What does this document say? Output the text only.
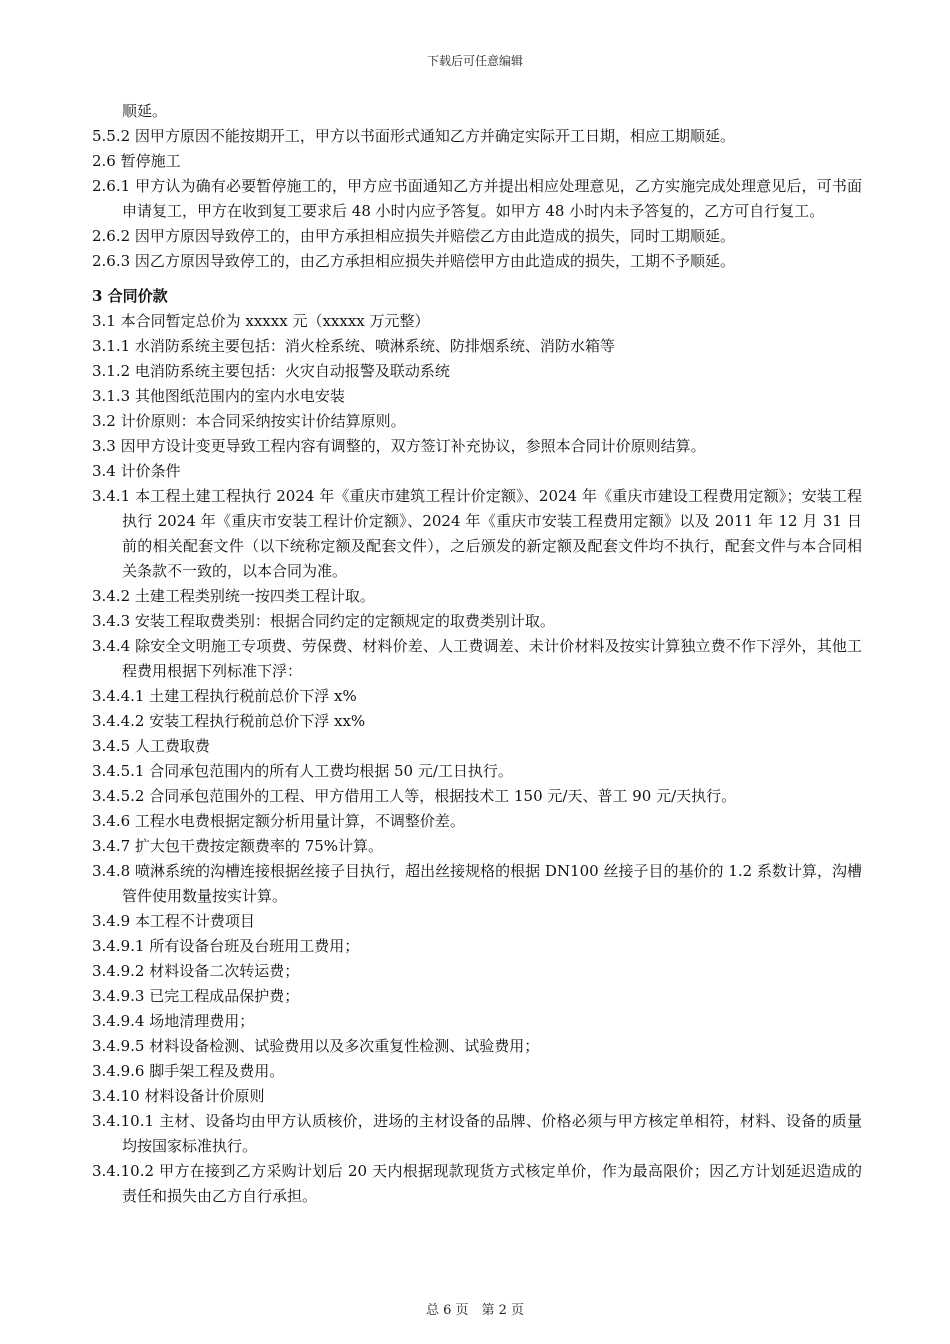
下载后可任意编辑

顺延。

5.5.2 因甲方原因不能按期开工，甲方以书面形式通知乙方并确定实际开工日期，相应工期顺延。

2.6 暂停施工

2.6.1 甲方认为确有必要暂停施工的，甲方应书面通知乙方并提出相应处理意见，乙方实施完成处理意见后，可书面申请复工，甲方在收到复工要求后 48 小时内应予答复。如甲方 48 小时内未予答复的，乙方可自行复工。

2.6.2 因甲方原因导致停工的，由甲方承担相应损失并赔偿乙方由此造成的损失，同时工期顺延。

2.6.3 因乙方原因导致停工的，由乙方承担相应损失并赔偿甲方由此造成的损失，工期不予顺延。

3 合同价款

3.1 本合同暂定总价为 xxxxx 元（xxxxx 万元整）

3.1.1 水消防系统主要包括：消火栓系统、喷淋系统、防排烟系统、消防水箱等

3.1.2 电消防系统主要包括：火灾自动报警及联动系统

3.1.3 其他图纸范围内的室内水电安装

3.2 计价原则：本合同采纳按实计价结算原则。

3.3 因甲方设计变更导致工程内容有调整的，双方签订补充协议，参照本合同计价原则结算。

3.4 计价条件

3.4.1 本工程土建工程执行 2024 年《重庆市建筑工程计价定额》、2024 年《重庆市建设工程费用定额》；安装工程执行 2024 年《重庆市安装工程计价定额》、2024 年《重庆市安装工程费用定额》以及 2011 年 12 月 31 日前的相关配套文件（以下统称定额及配套文件），之后颁发的新定额及配套文件均不执行，配套文件与本合同相关条款不一致的，以本合同为准。

3.4.2 土建工程类别统一按四类工程计取。

3.4.3 安装工程取费类别：根据合同约定的定额规定的取费类别计取。

3.4.4 除安全文明施工专项费、劳保费、材料价差、人工费调差、未计价材料及按实计算独立费不作下浮外，其他工程费用根据下列标准下浮：

3.4.4.1 土建工程执行税前总价下浮 x%

3.4.4.2 安装工程执行税前总价下浮 xx%

3.4.5 人工费取费

3.4.5.1 合同承包范围内的所有人工费均根据 50 元/工日执行。

3.4.5.2 合同承包范围外的工程、甲方借用工人等，根据技术工 150 元/天、普工 90 元/天执行。

3.4.6 工程水电费根据定额分析用量计算，不调整价差。

3.4.7 扩大包干费按定额费率的 75%计算。

3.4.8 喷淋系统的沟槽连接根据丝接子目执行，超出丝接规格的根据 DN100 丝接子目的基价的 1.2 系数计算，沟槽管件使用数量按实计算。

3.4.9 本工程不计费项目

3.4.9.1 所有设备台班及台班用工费用；

3.4.9.2 材料设备二次转运费；

3.4.9.3 已完工程成品保护费；

3.4.9.4 场地清理费用；

3.4.9.5 材料设备检测、试验费用以及多次重复性检测、试验费用；

3.4.9.6 脚手架工程及费用。

3.4.10 材料设备计价原则

3.4.10.1 主材、设备均由甲方认质核价，进场的主材设备的品牌、价格必须与甲方核定单相符，材料、设备的质量均按国家标准执行。

3.4.10.2 甲方在接到乙方采购计划后 20 天内根据现款现货方式核定单价，作为最高限价；因乙方计划延迟造成的责任和损失由乙方自行承担。

总 6 页　第 2 页
